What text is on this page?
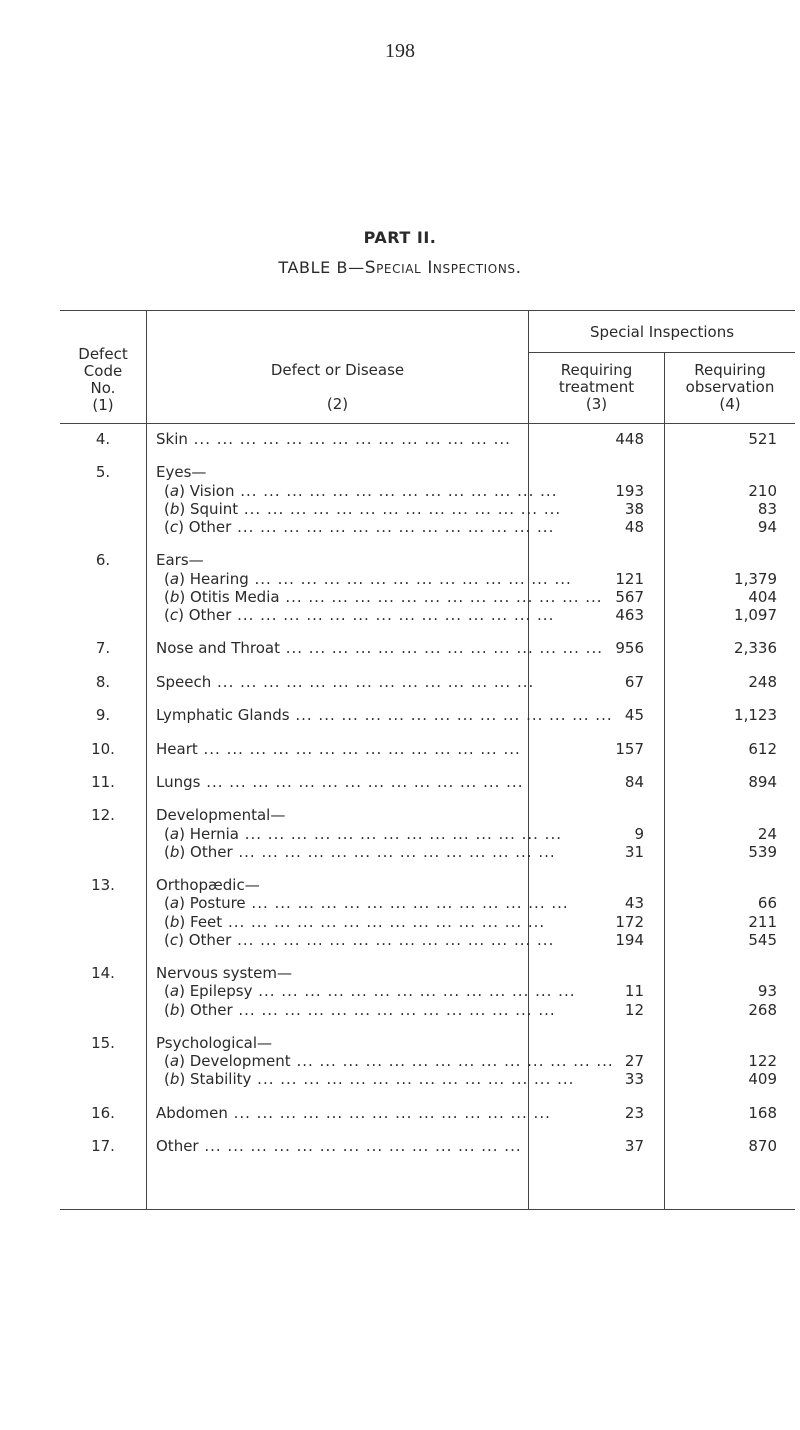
198
PART II.
TABLE B—Special Inspections.
Defect
Code
No.
(1)
Defect or Disease

(2)
Special Inspections
Requiring
treatment
(3)
Requiring
observation
(4)
4.	Skin ... ... ... ... ... ... ... ... ... ... ... ... ... ...	448	521
5.	Eyes—
(a) Vision ... ... ... ... ... ... ... ... ... ... ... ... ... ...	193	210
(b) Squint ... ... ... ... ... ... ... ... ... ... ... ... ... ...	38	83
(c) Other ... ... ... ... ... ... ... ... ... ... ... ... ... ...	48	94
6.	Ears—
(a) Hearing ... ... ... ... ... ... ... ... ... ... ... ... ... ...	121	1,379
(b) Otitis Media ... ... ... ... ... ... ... ... ... ... ... ... ... ... 567	404
(c) Other ... ... ... ... ... ... ... ... ... ... ... ... ... ...	463	1,097
7.	Nose and Throat ... ... ... ... ... ... ... ... ... ... ... ... ... ... 956	2,336
8.	Speech ... ... ... ... ... ... ... ... ... ... ... ... ... ...	67	248
9.	Lymphatic Glands ... ... ... ... ... ... ... ... ... ... ... ... ... ... 45	1,123
10.	Heart ... ... ... ... ... ... ... ... ... ... ... ... ... ...	157	612
11.	Lungs ... ... ... ... ... ... ... ... ... ... ... ... ... ...	84	894
12.	Developmental—
(a) Hernia ... ... ... ... ... ... ... ... ... ... ... ... ... ...	9	24
(b) Other ... ... ... ... ... ... ... ... ... ... ... ... ... ...	31	539
13.	Orthopædic—
(a) Posture ... ... ... ... ... ... ... ... ... ... ... ... ... ...	43	66
(b) Feet ... ... ... ... ... ... ... ... ... ... ... ... ... ...	172	211
(c) Other ... ... ... ... ... ... ... ... ... ... ... ... ... ...	194	545
14.	Nervous system—
(a) Epilepsy ... ... ... ... ... ... ... ... ... ... ... ... ... ...	11	93
(b) Other ... ... ... ... ... ... ... ... ... ... ... ... ... ...	12	268
15.	Psychological—
(a) Development ... ... ... ... ... ... ... ... ... ... ... ... ... ... 27	122
(b) Stability ... ... ... ... ... ... ... ... ... ... ... ... ... ...	33	409
16.	Abdomen ... ... ... ... ... ... ... ... ... ... ... ... ... ...	23	168
17.	Other ... ... ... ... ... ... ... ... ... ... ... ... ... ...	37	870
